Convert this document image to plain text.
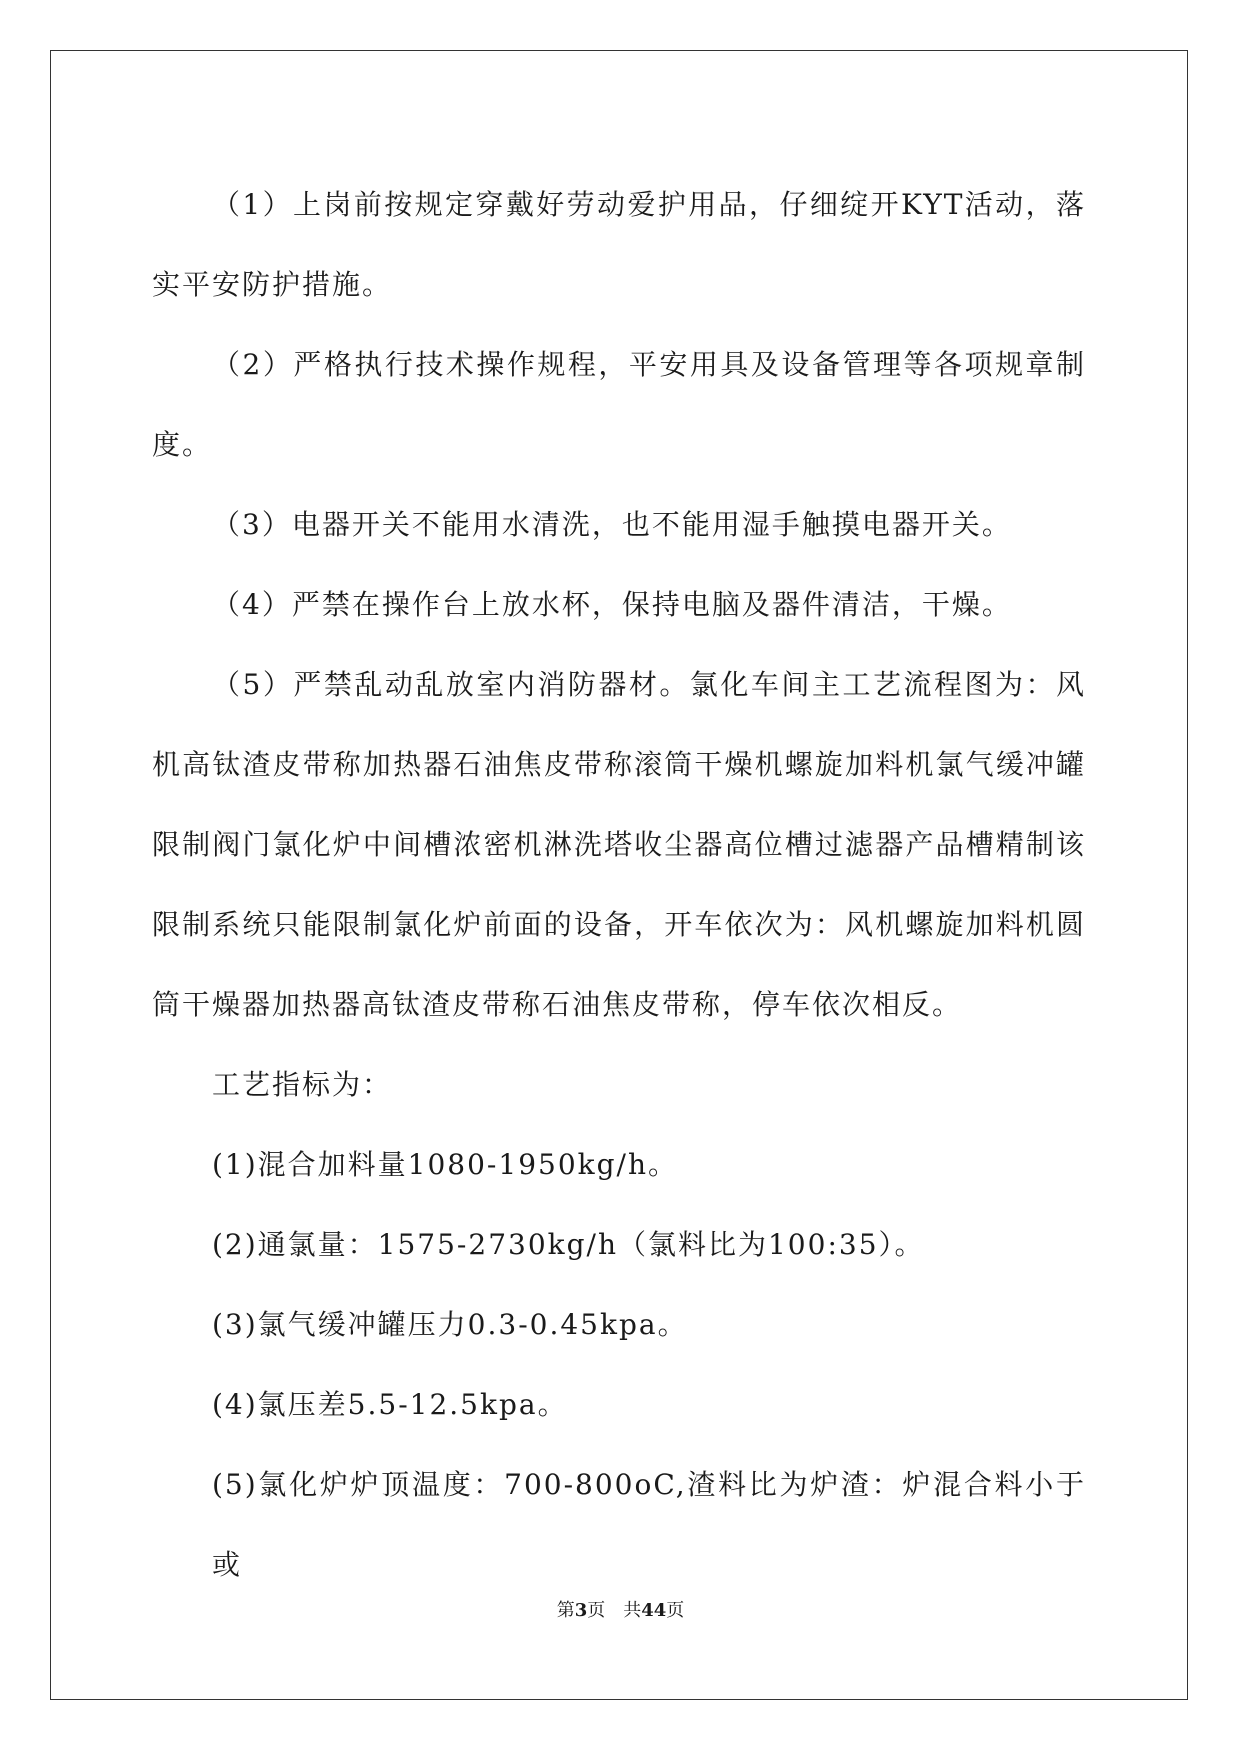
（1）上岗前按规定穿戴好劳动爱护用品，仔细绽开KYT活动，落实平安防护措施。

（2）严格执行技术操作规程，平安用具及设备管理等各项规章制度。

（3）电器开关不能用水清洗，也不能用湿手触摸电器开关。

（4）严禁在操作台上放水杯，保持电脑及器件清洁，干燥。

（5）严禁乱动乱放室内消防器材。氯化车间主工艺流程图为：风机高钛渣皮带称加热器石油焦皮带称滚筒干燥机螺旋加料机氯气缓冲罐限制阀门氯化炉中间槽浓密机淋洗塔收尘器高位槽过滤器产品槽精制该限制系统只能限制氯化炉前面的设备，开车依次为：风机螺旋加料机圆筒干燥器加热器高钛渣皮带称石油焦皮带称，停车依次相反。

工艺指标为：

(1)混合加料量1080-1950kg/h。

(2)通氯量：1575-2730kg/h（氯料比为100:35）。

(3)氯气缓冲罐压力0.3-0.45kpa。

(4)氯压差5.5-12.5kpa。

(5)氯化炉炉顶温度：700-800oC,渣料比为炉渣：炉混合料小于或

第3页 共44页
